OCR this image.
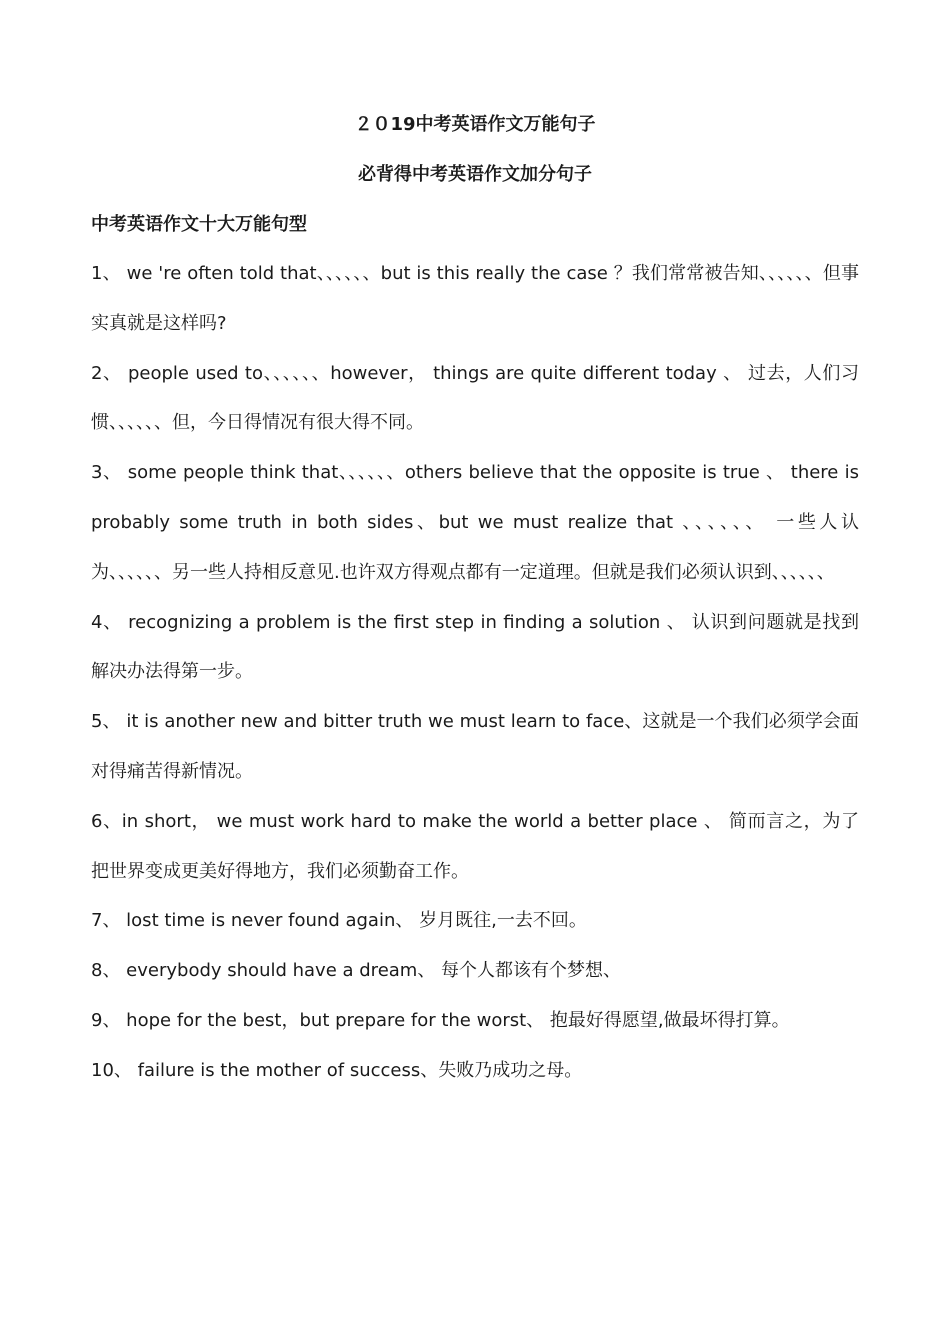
２０19中考英语作文万能句子
必背得中考英语作文加分句子
中考英语作文十大万能句型

1、 we 're often told that、、、、、、but is this really the case ？我们常常被告知、、、、、、但事实真就是这样吗?

2、 people used to、、、、、、however， things are quite different today 、 过去，人们习惯、、、、、、但，今日得情况有很大得不同。

3、 some people think that、、、、、、others believe that the opposite is true 、 there is probably some truth in both sides、but we must realize that 、、、、、、 一些人认为、、、、、、另一些人持相反意见.也许双方得观点都有一定道理。但就是我们必须认识到、、、、、、

4、 recognizing a problem is the first step in finding a solution 、 认识到问题就是找到解决办法得第一步。

5、 it is another new and bitter truth we must learn to face、这就是一个我们必须学会面对得痛苦得新情况。

6、in short， we must work hard to make the world a better place 、 简而言之，为了把世界变成更美好得地方，我们必须勤奋工作。

7、 lost time is never found again、 岁月既往,一去不回。

8、 everybody should have a dream、 每个人都该有个梦想、

9、 hope for the best，but prepare for the worst、 抱最好得愿望,做最坏得打算。

10、 failure is the mother of success、失败乃成功之母。
